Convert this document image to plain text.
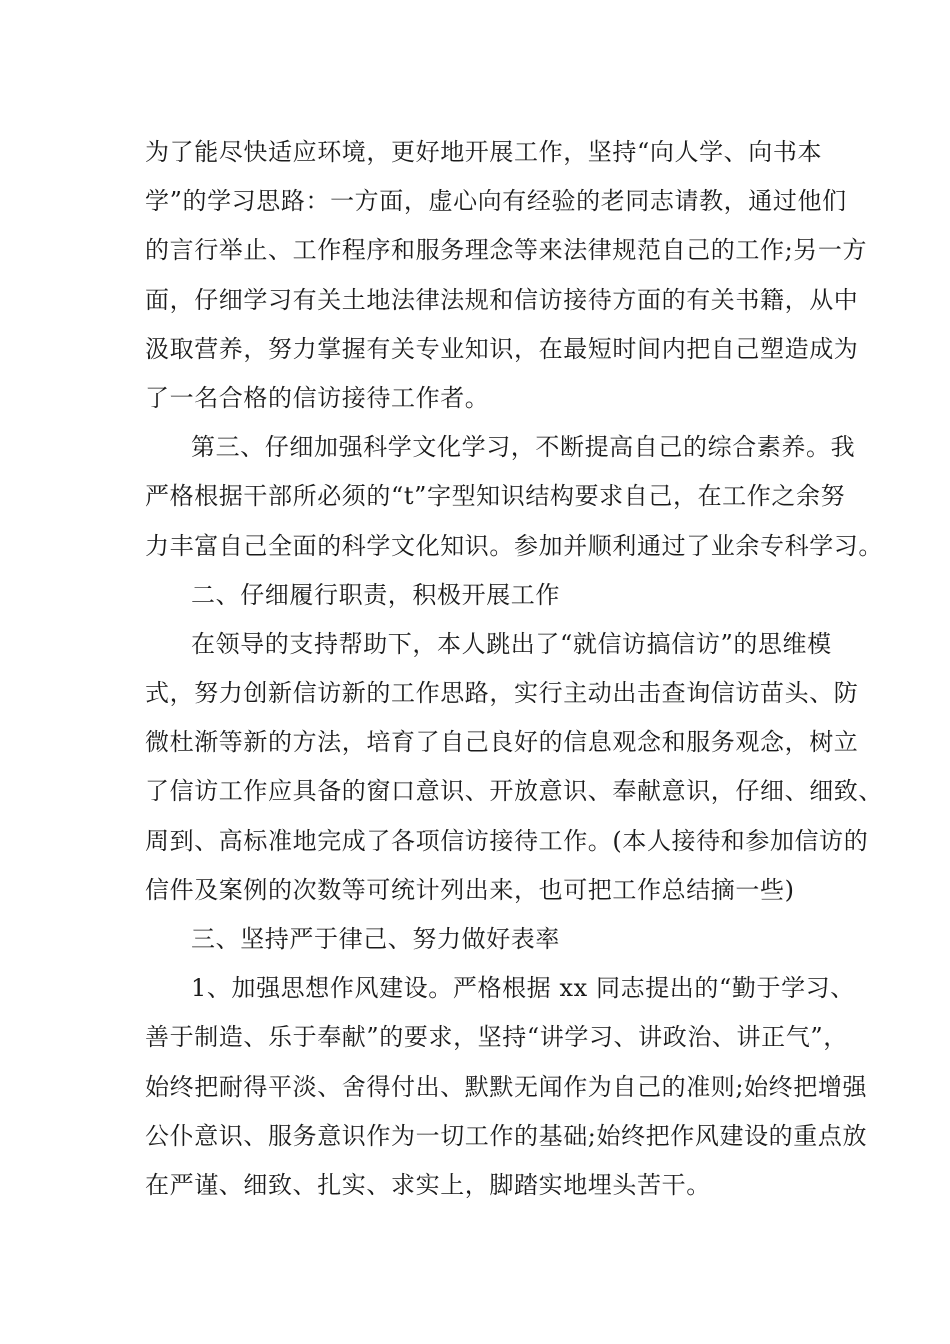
为了能尽快适应环境，更好地开展工作，坚持“向人学、向书本
学”的学习思路：一方面，虚心向有经验的老同志请教，通过他们
的言行举止、工作程序和服务理念等来法律规范自己的工作;另一方
面，仔细学习有关土地法律法规和信访接待方面的有关书籍，从中
汲取营养，努力掌握有关专业知识，在最短时间内把自己塑造成为
了一名合格的信访接待工作者。
第三、仔细加强科学文化学习，不断提高自己的综合素养。我
严格根据干部所必须的“t”字型知识结构要求自己，在工作之余努
力丰富自己全面的科学文化知识。参加并顺利通过了业余专科学习。
二、仔细履行职责，积极开展工作
在领导的支持帮助下，本人跳出了“就信访搞信访”的思维模
式，努力创新信访新的工作思路，实行主动出击查询信访苗头、防
微杜渐等新的方法，培育了自己良好的信息观念和服务观念，树立
了信访工作应具备的窗口意识、开放意识、奉献意识，仔细、细致、
周到、高标准地完成了各项信访接待工作。(本人接待和参加信访的
信件及案例的次数等可统计列出来，也可把工作总结摘一些)
三、坚持严于律己、努力做好表率
1、加强思想作风建设。严格根据 xx 同志提出的“勤于学习、
善于制造、乐于奉献”的要求，坚持“讲学习、讲政治、讲正气”，
始终把耐得平淡、舍得付出、默默无闻作为自己的准则;始终把增强
公仆意识、服务意识作为一切工作的基础;始终把作风建设的重点放
在严谨、细致、扎实、求实上，脚踏实地埋头苦干。
